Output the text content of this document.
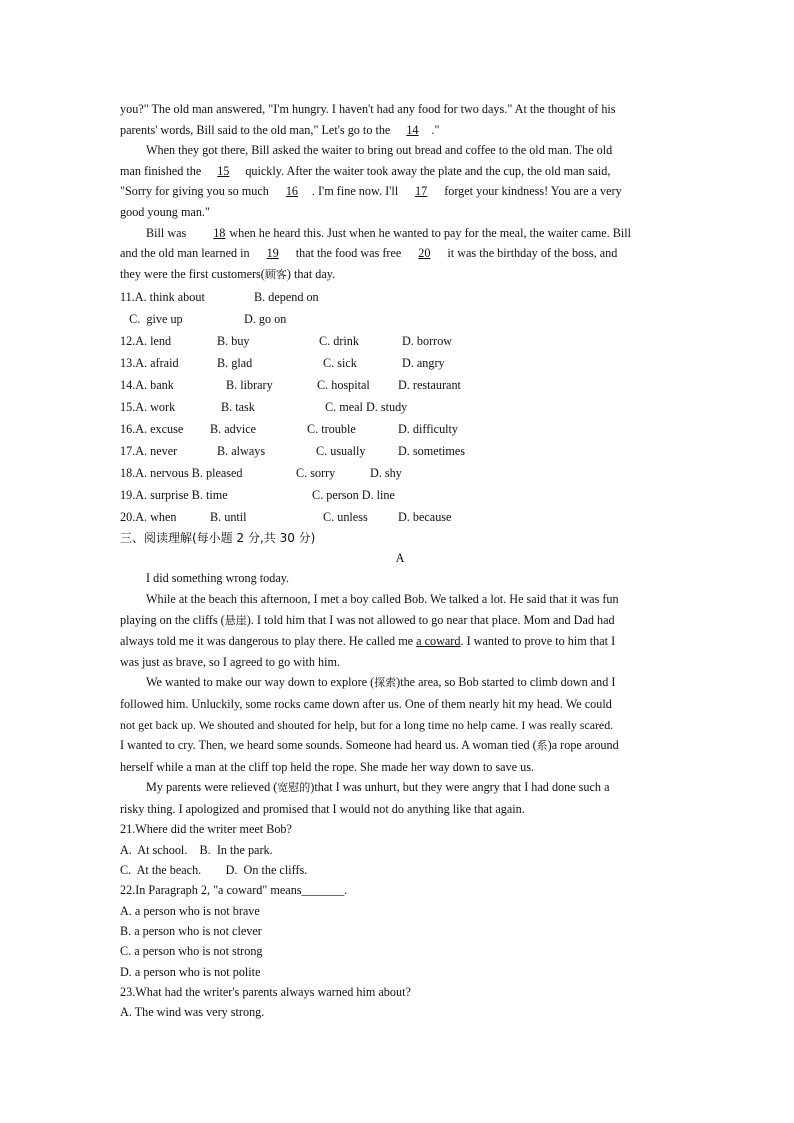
you?" The old man answered, "I'm hungry. I haven't had any food for two days." At the thought of his

parents' words, Bill said to the old man," Let's go to the 14 ."

When they got there, Bill asked the waiter to bring out bread and coffee to the old man. The old

man finished the 15 quickly. After the waiter took away the plate and the cup, the old man said,

"Sorry for giving you so much 16 . I'm fine now. I'll 17 forget your kindness! You are a very

good young man."

Bill was 18 when he heard this. Just when he wanted to pay for the meal, the waiter came. Bill

and the old man learned in 19 that the food was free 20 it was the birthday of the boss, and

they were the first customers(顾客) that day.

11.A. think about	B. depend on
C.  give up	D. go on
12.A. lend	B. buy	C. drink	D. borrow
13.A. afraid	B. glad	C. sick	D. angry
14.A. bank	B. library	C. hospital D. restaurant
15.A. work	B. task	C. meal D. study
16.A. excuse B. advice	C. trouble	D. difficulty
17.A. never	B. always	C. usually	D. sometimes
18.A. nervous B. pleased	C. sorry	D. shy
19.A. surprise B. time	C. person D. line
20.A. when	B. until	C. unless D. because

三、阅读理解(每小题 2 分,共 30 分)

A

I did something wrong today.

While at the beach this afternoon, I met a boy called Bob. We talked a lot. He said that it was fun

playing on the cliffs (悬崖). I told him that I was not allowed to go near that place. Mom and Dad had

always told me it was dangerous to play there. He called me a coward. I wanted to prove to him that I

was just as brave, so I agreed to go with him.

We wanted to make our way down to explore (探索)the area, so Bob started to climb down and I

followed him. Unluckily, some rocks came down after us. One of them nearly hit my head. We could

not get back up. We shouted and shouted for help, but for a long time no help came. I was really scared.

I wanted to cry. Then, we heard some sounds. Someone had heard us. A woman tied (系)a rope around

herself while a man at the cliff top held the rope. She made her way down to save us.

My parents were relieved (宽慰的)that I was unhurt, but they were angry that I had done such a

risky thing. I apologized and promised that I would not do anything like that again.

21.Where did the writer meet Bob?

A.  At school.    B.  In the park.

C.  At the beach.        D.  On the cliffs.

22.In Paragraph 2, "a coward" means_______.

A. a person who is not brave

B. a person who is not clever

C. a person who is not strong

D. a person who is not polite

23.What had the writer's parents always warned him about?

A. The wind was very strong.
